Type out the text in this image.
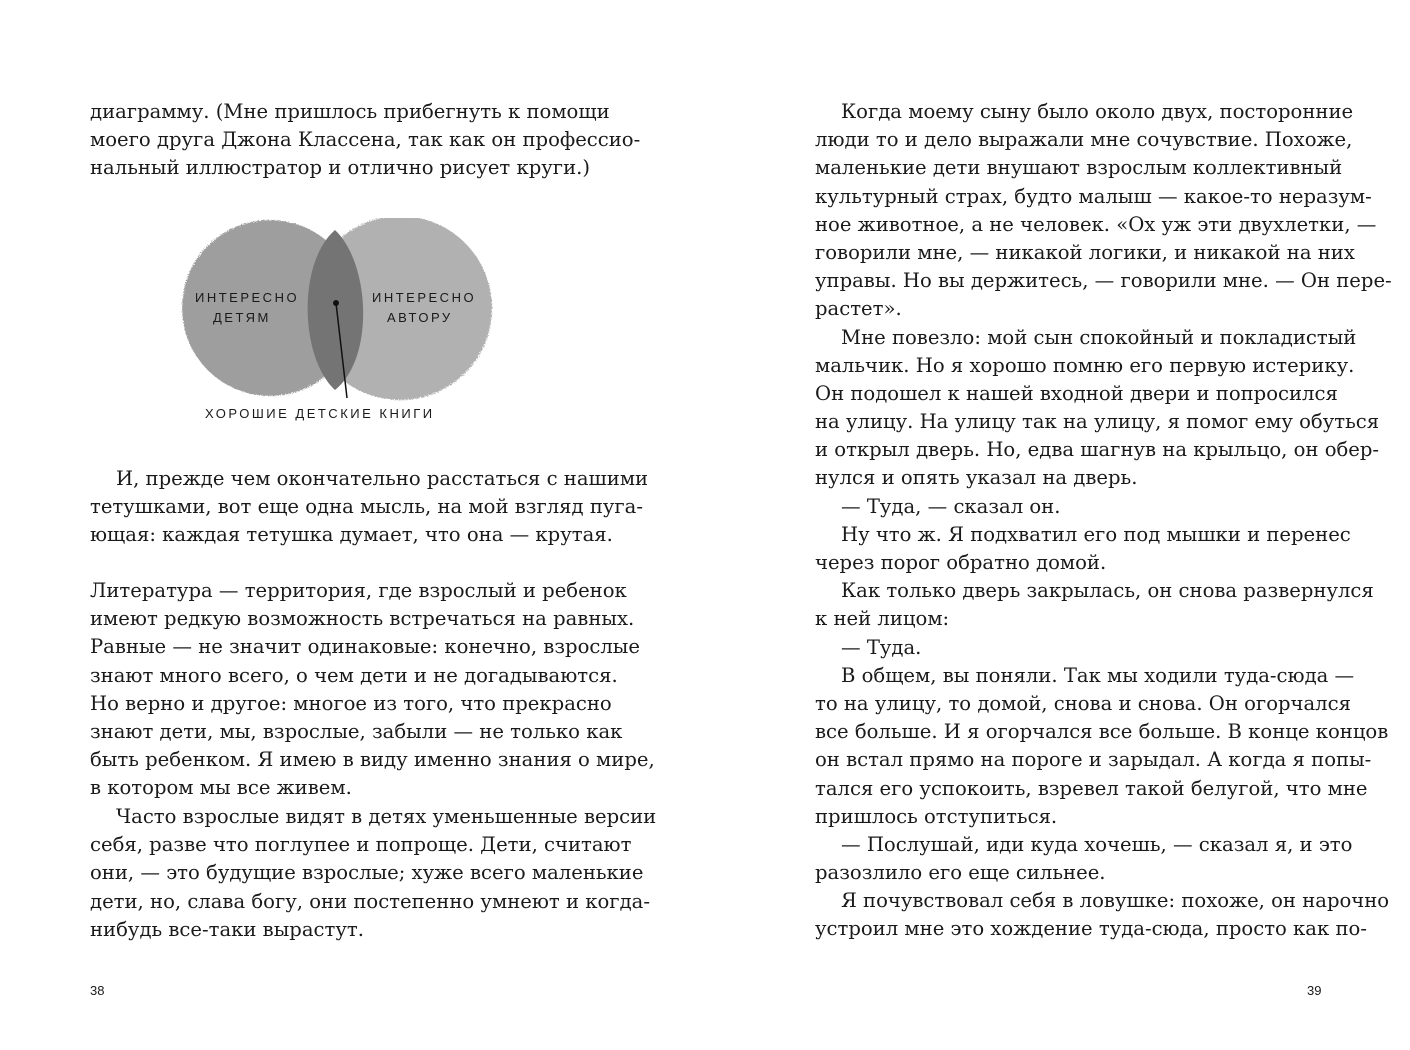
диаграмму. (Мне пришлось прибегнуть к помощи
моего друга Джона Классена, так как он профессио-
нальный иллюстратор и отлично рисует круги.)
ИНТЕРЕСНО
ДЕТЯМ
ИНТЕРЕСНО
АВТОРУ
ХОРОШИЕ ДЕТСКИЕ КНИГИ
И, прежде чем окончательно расстаться с нашими
тетушками, вот еще одна мысль, на мой взгляд пуга-
ющая: каждая тетушка думает, что она — крутая.
Литература — территория, где взрослый и ребенок
имеют редкую возможность встречаться на равных.
Равные — не значит одинаковые: конечно, взрослые
знают много всего, о чем дети и не догадываются.
Но верно и другое: многое из того, что прекрасно
знают дети, мы, взрослые, забыли — не только как
быть ребенком. Я имею в виду именно знания о мире,
в котором мы все живем.
Часто взрослые видят в детях уменьшенные версии
себя, разве что поглупее и попроще. Дети, считают
они, — это будущие взрослые; хуже всего маленькие
дети, но, слава богу, они постепенно умнеют и когда-
нибудь все-таки вырастут.
38
Когда моему сыну было около двух, посторонние
люди то и дело выражали мне сочувствие. Похоже,
маленькие дети внушают взрослым коллективный
культурный страх, будто малыш — какое-то неразум-
ное животное, а не человек. «Ох уж эти двухлетки, —
говорили мне, — никакой логики, и никакой на них
управы. Но вы держитесь, — говорили мне. — Он пере-
растет».
Мне повезло: мой сын спокойный и покладистый
мальчик. Но я хорошо помню его первую истерику.
Он подошел к нашей входной двери и попросился
на улицу. На улицу так на улицу, я помог ему обуться
и открыл дверь. Но, едва шагнув на крыльцо, он обер-
нулся и опять указал на дверь.
— Туда, — сказал он.
Ну что ж. Я подхватил его под мышки и перенес
через порог обратно домой.
Как только дверь закрылась, он снова развернулся
к ней лицом:
— Туда.
В общем, вы поняли. Так мы ходили туда-сюда —
то на улицу, то домой, снова и снова. Он огорчался
все больше. И я огорчался все больше. В конце концов
он встал прямо на пороге и зарыдал. А когда я попы-
тался его успокоить, взревел такой белугой, что мне
пришлось отступиться.
— Послушай, иди куда хочешь, — сказал я, и это
разозлило его еще сильнее.
Я почувствовал себя в ловушке: похоже, он нарочно
устроил мне это хождение туда-сюда, просто как по-
39
